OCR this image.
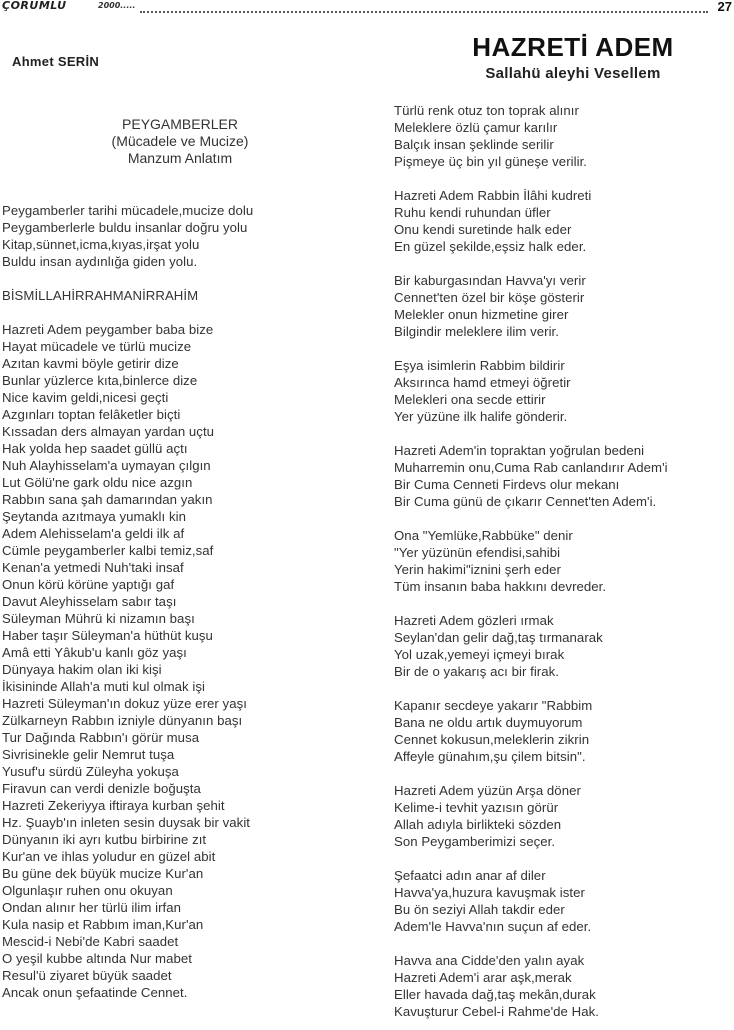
ÇORUMLU	2000.....	27
Ahmet SERİN	HAZRETİ ADEM
Sallahü aleyhi Vesellem
PEYGAMBERLER
(Mücadele ve Mucize)
Manzum Anlatım
Peygamberler tarihi mücadele,mucize dolu
Peygamberlerle buldu insanlar doğru yolu
Kitap,sünnet,icma,kıyas,irşat yolu
Buldu insan aydınlığa giden yolu.
BİSMİLLAHİRRAHMANİRRAHİM
Hazreti Adem peygamber baba bize
Hayat mücadele ve türlü mucize
Azıtan kavmi böyle getirir dize
Bunlar yüzlerce kıta,binlerce dize
Nice kavim geldi,nicesi geçti
Azgınları toptan felâketler biçti
Kıssadan ders almayan yardan uçtu
Hak yolda hep saadet güllü açtı
Nuh Alayhisselam'a uymayan çılgın
Lut Gölü'ne gark oldu nice azgın
Rabbın sana şah damarından yakın
Şeytanda azıtmaya yumaklı kin
Adem Alehisselam'a geldi ilk af
Cümle peygamberler kalbi temiz,saf
Kenan'a yetmedi Nuh'taki insaf
Onun körü körüne yaptığı gaf
Davut Aleyhisselam sabır taşı
Süleyman Mührü ki nizamın başı
Haber taşır Süleyman'a hüthüt kuşu
Amâ etti Yâkub'u kanlı göz yaşı
Dünyaya hakim olan iki kişi
İkisininde Allah'a muti kul olmak işi
Hazreti Süleyman'ın dokuz yüze erer yaşı
Zülkarneyn Rabbın izniyle dünyanın başı
Tur Dağında Rabbın'ı görür musa
Sivrisinekle gelir Nemrut tuşa
Yusuf'u sürdü Züleyha yokuşa
Firavun can verdi denizle boğuşta
Hazreti Zekeriyya iftiraya kurban şehit
Hz. Şuayb'ın inleten sesin duysak bir vakit
Dünyanın iki ayrı kutbu birbirine zıt
Kur'an ve ihlas yoludur en güzel abit
Bu güne dek büyük mucize Kur'an
Olgunlaşır ruhen onu okuyan
Ondan alınır her türlü ilim irfan
Kula nasip et Rabbım iman,Kur'an
Mescid-i Nebi'de Kabri saadet
O yeşil kubbe altında Nur mabet
Resul'ü ziyaret büyük saadet
Ancak onun şefaatinde Cennet.
Türlü renk otuz ton toprak alınır
Meleklere özlü çamur karılır
Balçık insan şeklinde serilir
Pişmeye üç bin yıl güneşe verilir.
Hazreti Adem Rabbin İlâhi kudreti
Ruhu kendi ruhundan üfler
Onu kendi suretinde halk eder
En güzel şekilde,eşsiz halk eder.
Bir kaburgasından Havva'yı verir
Cennet'ten özel bir köşe gösterir
Melekler onun hizmetine girer
Bilgindir meleklere ilim verir.
Eşya isimlerin Rabbim bildirir
Aksırınca hamd etmeyi öğretir
Melekleri ona secde ettirir
Yer yüzüne ilk halife gönderir.
Hazreti Adem'in topraktan yoğrulan bedeni
Muharremin onu,Cuma Rab canlandırır Adem'i
Bir Cuma Cenneti Firdevs olur mekanı
Bir Cuma günü de çıkarır Cennet'ten Adem'i.
Ona "Yemlüke,Rabbüke" denir
"Yer yüzünün efendisi,sahibi
Yerin hakimi"iznini şerh eder
Tüm insanın baba hakkını devreder.
Hazreti Adem gözleri ırmak
Seylan'dan gelir dağ,taş tırmanarak
Yol uzak,yemeyi içmeyi bırak
Bir de o yakarış acı bir firak.
Kapanır secdeye yakarır "Rabbim
Bana ne oldu artık duymuyorum
Cennet kokusun,meleklerin zikrin
Affeyle günahım,şu çilem bitsin".
Hazreti Adem yüzün Arşa döner
Kelime-i tevhit yazısın görür
Allah adıyla birlikteki sözden
Son Peygamberimizi seçer.
Şefaatci adın anar af diler
Havva'ya,huzura kavuşmak ister
Bu ön seziyi Allah takdir eder
Adem'le Havva'nın suçun af eder.
Havva ana Cidde'den yalın ayak
Hazreti Adem'i arar aşk,merak
Eller havada dağ,taş mekân,durak
Kavuşturur Cebel-i Rahme'de Hak.
